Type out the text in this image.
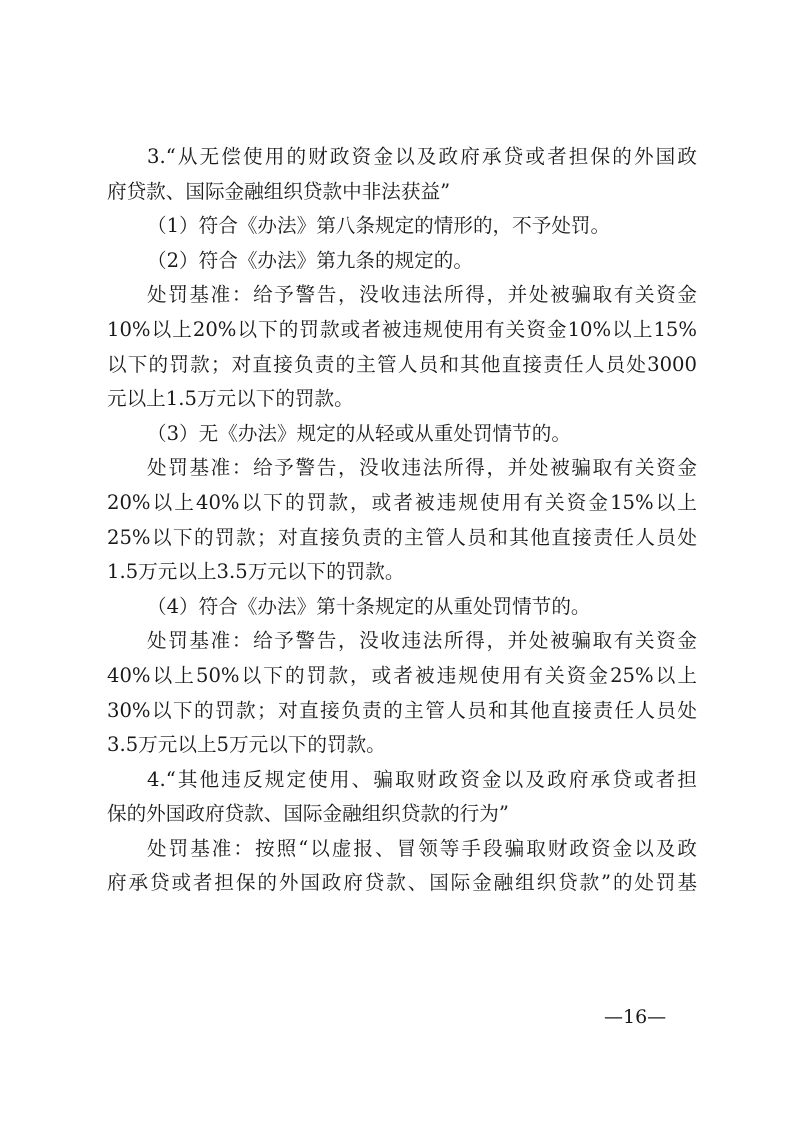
3.“从无偿使用的财政资金以及政府承贷或者担保的外国政
府贷款、国际金融组织贷款中非法获益”
（1）符合《办法》第八条规定的情形的，不予处罚。
（2）符合《办法》第九条的规定的。
处罚基准：给予警告，没收违法所得，并处被骗取有关资金
10%以上20%以下的罚款或者被违规使用有关资金10%以上15%
以下的罚款；对直接负责的主管人员和其他直接责任人员处3000
元以上1.5万元以下的罚款。
（3）无《办法》规定的从轻或从重处罚情节的。
处罚基准：给予警告，没收违法所得，并处被骗取有关资金
20%以上40%以下的罚款，或者被违规使用有关资金15%以上
25%以下的罚款；对直接负责的主管人员和其他直接责任人员处
1.5万元以上3.5万元以下的罚款。
（4）符合《办法》第十条规定的从重处罚情节的。
处罚基准：给予警告，没收违法所得，并处被骗取有关资金
40%以上50%以下的罚款，或者被违规使用有关资金25%以上
30%以下的罚款；对直接负责的主管人员和其他直接责任人员处
3.5万元以上5万元以下的罚款。
4.“其他违反规定使用、骗取财政资金以及政府承贷或者担
保的外国政府贷款、国际金融组织贷款的行为”
处罚基准：按照“以虚报、冒领等手段骗取财政资金以及政
府承贷或者担保的外国政府贷款、国际金融组织贷款”的处罚基
—16—
